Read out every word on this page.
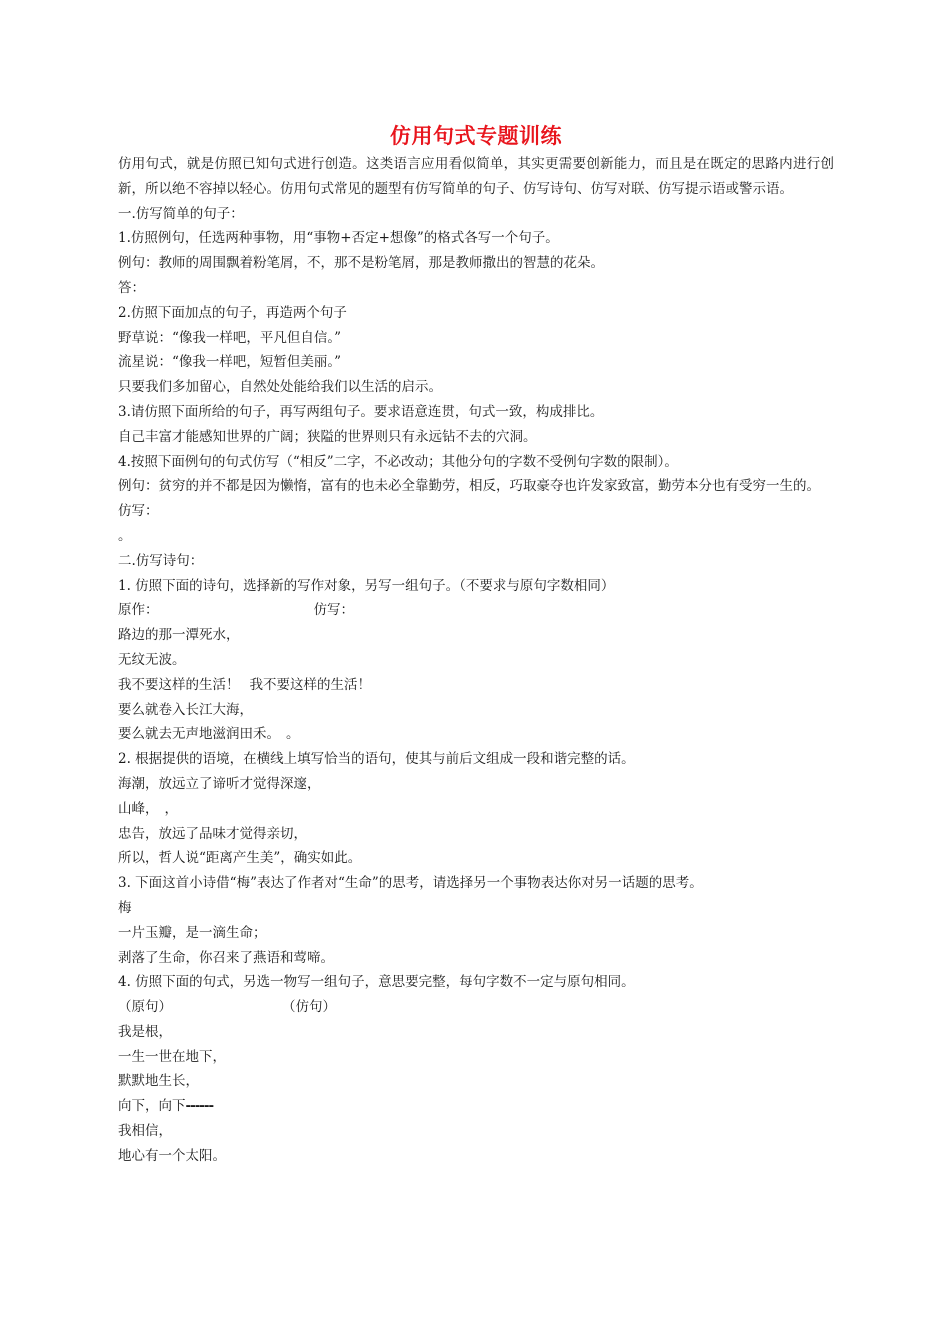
仿用句式专题训练
仿用句式，就是仿照已知句式进行创造。这类语言应用看似简单，其实更需要创新能力，而且是在既定的思路内进行创新，所以绝不容掉以轻心。仿用句式常见的题型有仿写简单的句子、仿写诗句、仿写对联、仿写提示语或警示语。
一.仿写简单的句子：
1.仿照例句，任选两种事物，用“事物+否定+想像”的格式各写一个句子。
例句：教师的周围飘着粉笔屑，不，那不是粉笔屑，那是教师撒出的智慧的花朵。
答：
2.仿照下面加点的句子，再造两个句子
野草说：“像我一样吧，平凡但自信。”
流星说：“像我一样吧，短暂但美丽。”
只要我们多加留心，自然处处能给我们以生活的启示。
3.请仿照下面所给的句子，再写两组句子。要求语意连贯，句式一致，构成排比。
自己丰富才能感知世界的广阔；狭隘的世界则只有永远钻不去的穴洞。
4.按照下面例句的句式仿写（“相反”二字，不必改动；其他分句的字数不受例句字数的限制）。
例句：贫穷的并不都是因为懒惰，富有的也未必全靠勤劳，相反，巧取豪夺也许发家致富，勤劳本分也有受穷一生的。
仿写：
。
二.仿写诗句：
1. 仿照下面的诗句，选择新的写作对象，另写一组句子。（不要求与原句字数相同）
原作：	仿写：
路边的那一潭死水，
无纹无波。
我不要这样的生活！ 我不要这样的生活！
要么就卷入长江大海，
要么就去无声地滋润田禾。 。
2. 根据提供的语境，在横线上填写恰当的语句，使其与前后文组成一段和谐完整的话。
海潮，放远立了谛听才觉得深邃，
山峰， ，
忠告，放远了品味才觉得亲切，
所以，哲人说“距离产生美”，确实如此。
3. 下面这首小诗借“梅”表达了作者对“生命”的思考，请选择另一个事物表达你对另一话题的思考。
梅
一片玉瓣，是一滴生命；
剥落了生命，你召来了燕语和莺啼。
4. 仿照下面的句式，另选一物写一组句子，意思要完整，每句字数不一定与原句相同。
（原句）	（仿句）
我是根，
一生一世在地下，
默默地生长，
向下，向下------
我相信，
地心有一个太阳。
